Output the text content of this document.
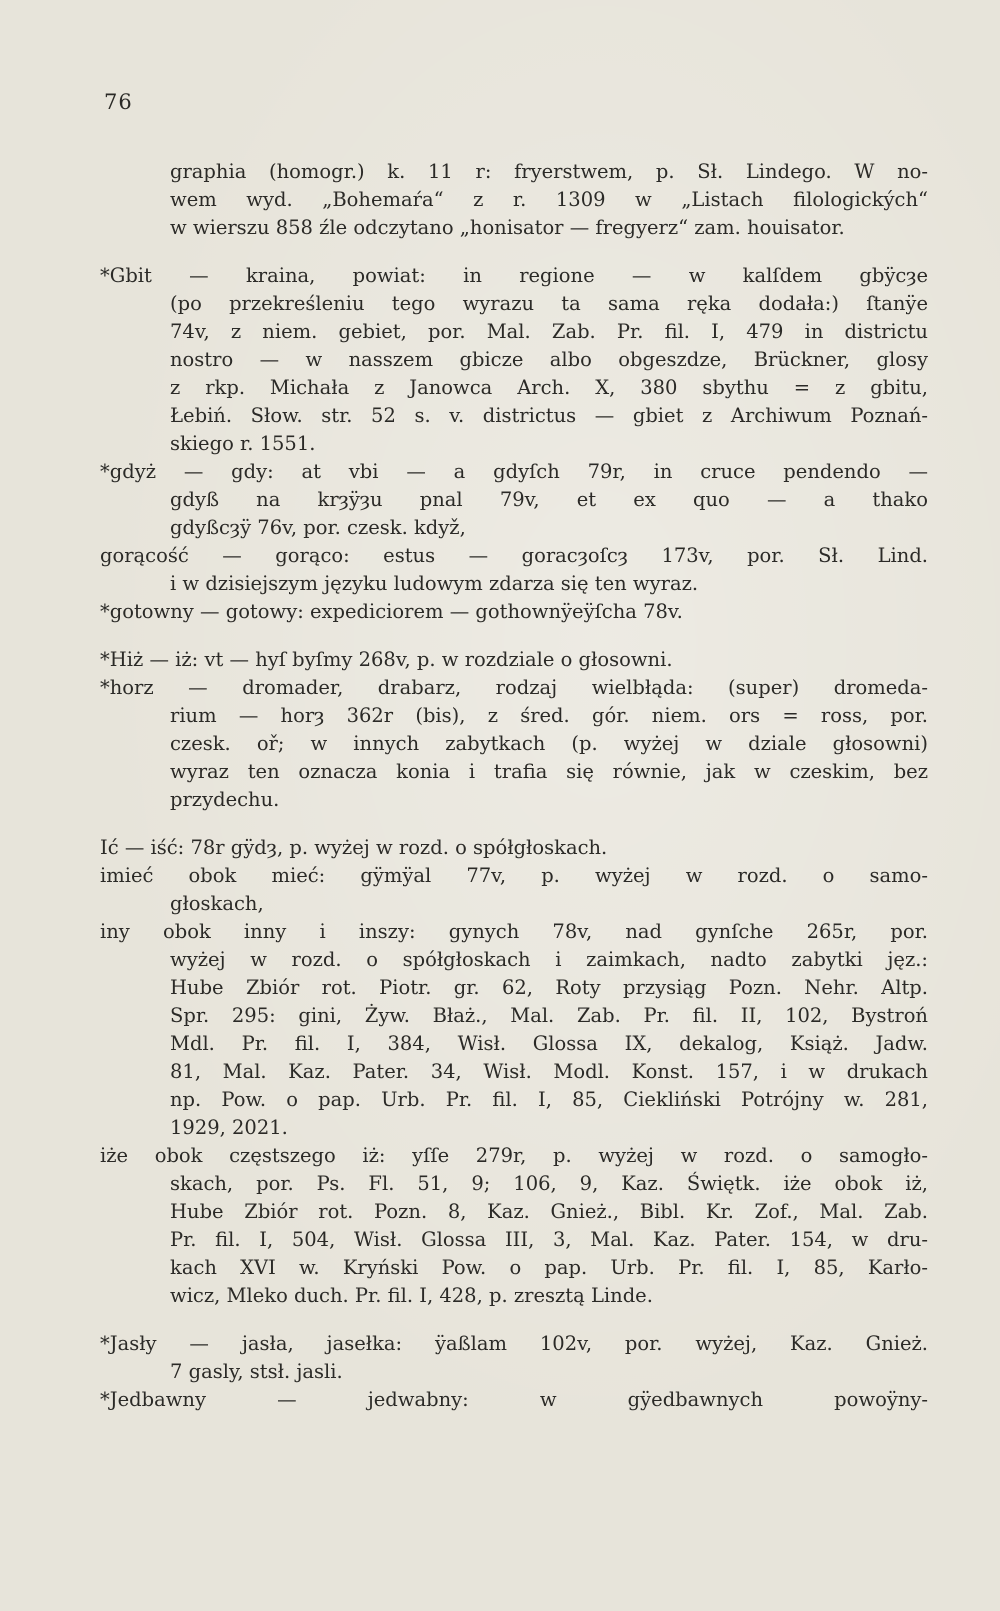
76
graphia (homogr.) k. 11 r: fryerstwem, p. Sł. Lindego. W no-
wem wyd. „Bohemaŕa“ z r. 1309 w „Listach filologických“
w wierszu 858 źle odczytano „honisator — fregyerz“ zam. houisator.
*Gbit — kraina, powiat: in regione — w kalſdem gbÿcȝe
(po przekreśleniu tego wyrazu ta sama ręka dodała:) ſtanÿe
74v, z niem. gebiet, por. Mal. Zab. Pr. fil. I, 479 in districtu
nostro — w nasszem gbicze albo obgeszdze, Brückner, glosy
z rkp. Michała z Janowca Arch. X, 380 sbythu = z gbitu,
Łebiń. Słow. str. 52 s. v. districtus — gbiet z Archiwum Poznań-
skiego r. 1551.
*gdyż — gdy: at vbi — a gdyſch 79r, in cruce pendendo —
gdyß na krȝÿȝu pnal 79v, et ex quo — a thako
gdyßcȝÿ 76v, por. czesk. když,
gorącość — gorąco: estus — goracȝoſcȝ 173v, por. Sł. Lind.
i w dzisiejszym języku ludowym zdarza się ten wyraz.
*gotowny — gotowy: expediciorem — gothownÿeÿſcha 78v.
*Hiż — iż: vt — hyſ byſmy 268v, p. w rozdziale o głosowni.
*horz — dromader, drabarz, rodzaj wielbłąda: (super) dromeda-
rium — horȝ 362r (bis), z śred. gór. niem. ors = ross, por.
czesk. oř; w innych zabytkach (p. wyżej w dziale głosowni)
wyraz ten oznacza konia i trafia się równie, jak w czeskim, bez
przydechu.
Ić — iść: 78r gÿdȝ, p. wyżej w rozd. o spółgłoskach.
imieć obok mieć: gÿmÿal 77v, p. wyżej w rozd. o samo-
głoskach,
iny obok inny i inszy: gynych 78v, nad gynſche 265r, por.
wyżej w rozd. o spółgłoskach i zaimkach, nadto zabytki jęz.:
Hube Zbiór rot. Piotr. gr. 62, Roty przysiąg Pozn. Nehr. Altp.
Spr. 295: gini, Żyw. Błaż., Mal. Zab. Pr. fil. II, 102, Bystroń
Mdl. Pr. fil. I, 384, Wisł. Glossa IX, dekalog, Książ. Jadw.
81, Mal. Kaz. Pater. 34, Wisł. Modl. Konst. 157, i w drukach
np. Pow. o pap. Urb. Pr. fil. I, 85, Ciekliński Potrójny w. 281,
1929, 2021.
iże obok częstszego iż: yſſe 279r, p. wyżej w rozd. o samogło-
skach, por. Ps. Fl. 51, 9; 106, 9, Kaz. Świętk. iże obok iż,
Hube Zbiór rot. Pozn. 8, Kaz. Gnież., Bibl. Kr. Zof., Mal. Zab.
Pr. fil. I, 504, Wisł. Glossa III, 3, Mal. Kaz. Pater. 154, w dru-
kach XVI w. Kryński Pow. o pap. Urb. Pr. fil. I, 85, Karło-
wicz, Mleko duch. Pr. fil. I, 428, p. zresztą Linde.
*Jasły — jasła, jasełka: ÿaßlam 102v, por. wyżej, Kaz. Gnież.
7 gasly, stsł. jasli.
*Jedbawny — jedwabny: w gÿedbawnych powoÿny-
